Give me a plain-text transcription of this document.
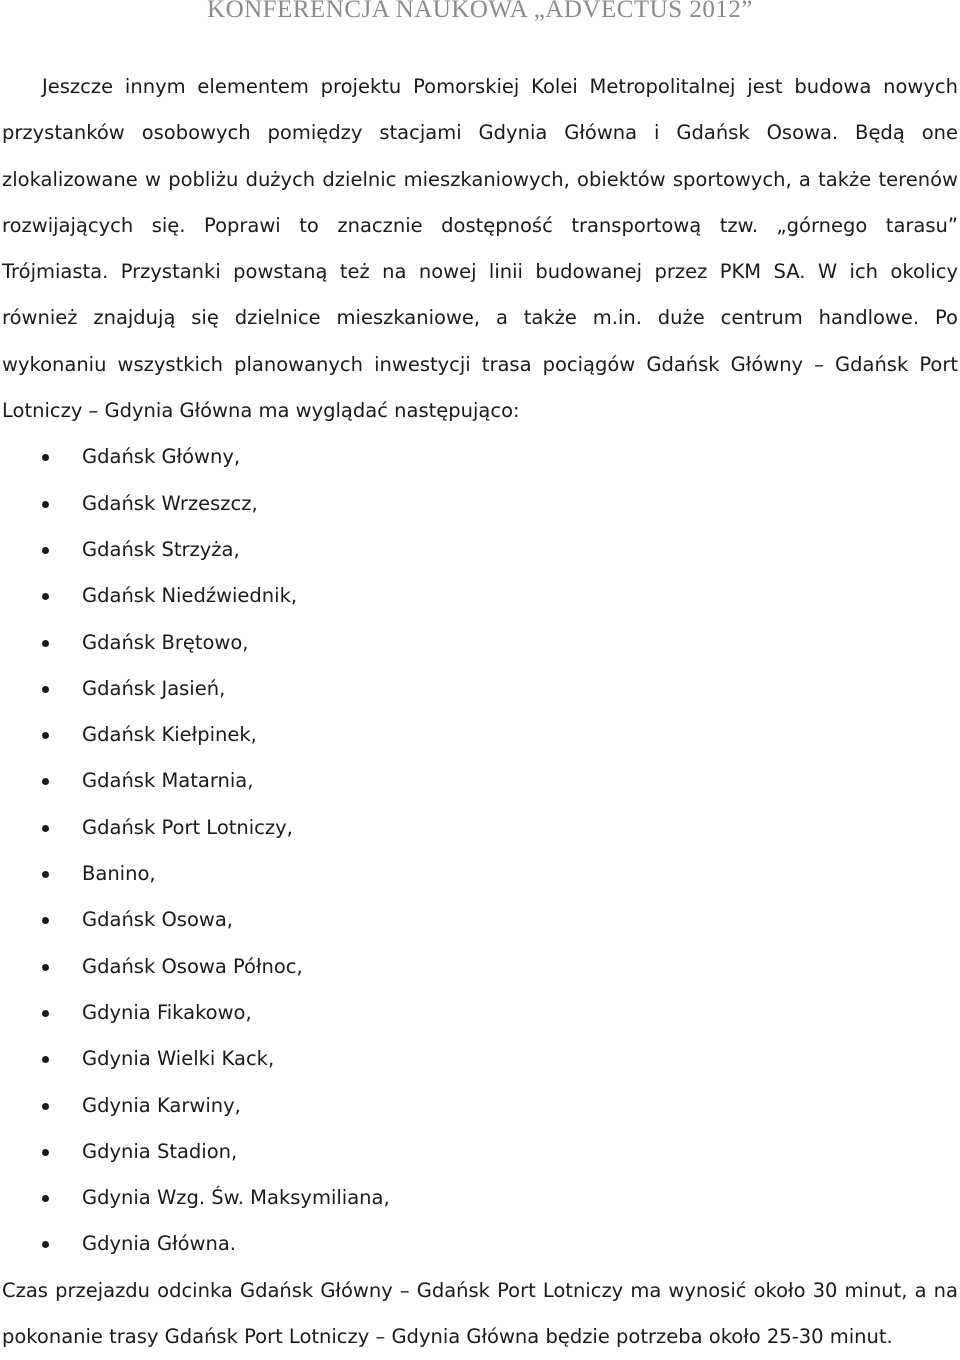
KONFERENCJA NAUKOWA „ADVECTUS 2012”

Jeszcze innym elementem projektu Pomorskiej Kolei Metropolitalnej jest budowa nowych przystanków osobowych pomiędzy stacjami Gdynia Główna i Gdańsk Osowa. Będą one zlokalizowane w pobliżu dużych dzielnic mieszkaniowych, obiektów sportowych, a także terenów rozwijających się. Poprawi to znacznie dostępność transportową tzw. „górnego tarasu” Trójmiasta. Przystanki powstaną też na nowej linii budowanej przez PKM SA. W ich okolicy również znajdują się dzielnice mieszkaniowe, a także m.in. duże centrum handlowe. Po wykonaniu wszystkich planowanych inwestycji trasa pociągów Gdańsk Główny – Gdańsk Port Lotniczy – Gdynia Główna ma wyglądać następująco:

Gdańsk Główny,
Gdańsk Wrzeszcz,
Gdańsk Strzyża,
Gdańsk Niedźwiednik,
Gdańsk Brętowo,
Gdańsk Jasień,
Gdańsk Kiełpinek,
Gdańsk Matarnia,
Gdańsk Port Lotniczy,
Banino,
Gdańsk Osowa,
Gdańsk Osowa Północ,
Gdynia Fikakowo,
Gdynia Wielki Kack,
Gdynia Karwiny,
Gdynia Stadion,
Gdynia Wzg. Św. Maksymiliana,
Gdynia Główna.

Czas przejazdu odcinka Gdańsk Główny – Gdańsk Port Lotniczy ma wynosić około 30 minut, a na pokonanie trasy Gdańsk Port Lotniczy – Gdynia Główna będzie potrzeba około 25-30 minut.
